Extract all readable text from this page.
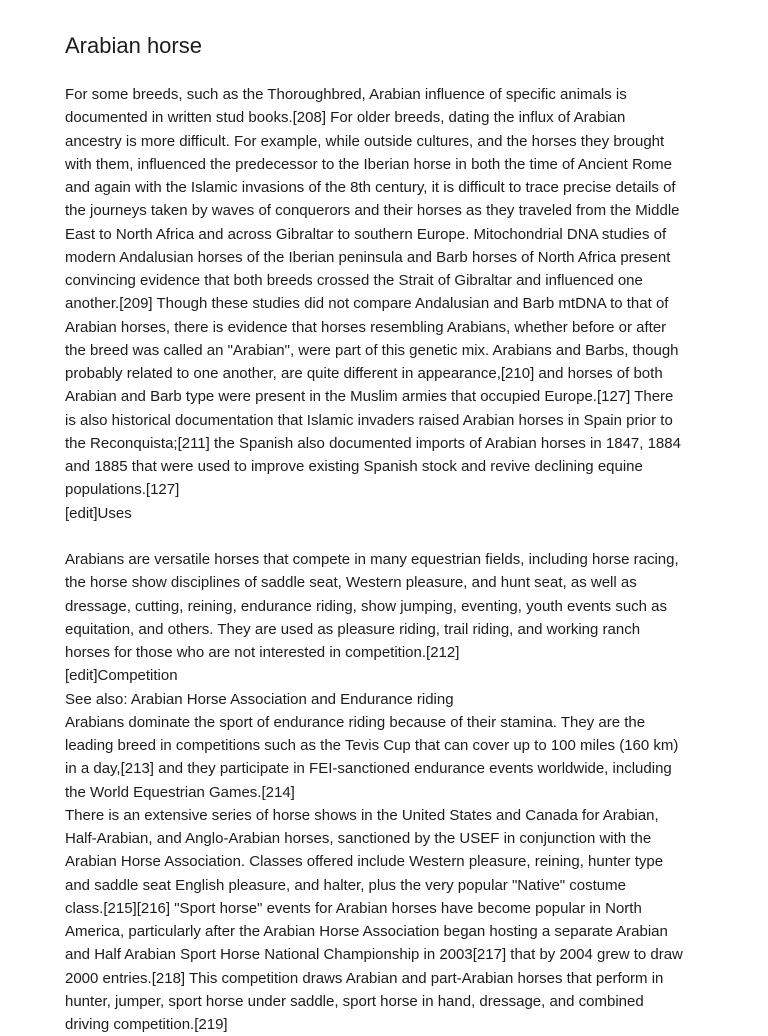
Arabian horse
For some breeds, such as the Thoroughbred, Arabian influence of specific animals is
documented in written stud books.[208] For older breeds, dating the influx of Arabian
ancestry is more difficult. For example, while outside cultures, and the horses they brought
with them, influenced the predecessor to the Iberian horse in both the time of Ancient Rome
and again with the Islamic invasions of the 8th century, it is difficult to trace precise details of
the journeys taken by waves of conquerors and their horses as they traveled from the Middle
East to North Africa and across Gibraltar to southern Europe. Mitochondrial DNA studies of
modern Andalusian horses of the Iberian peninsula and Barb horses of North Africa present
convincing evidence that both breeds crossed the Strait of Gibraltar and influenced one
another.[209] Though these studies did not compare Andalusian and Barb mtDNA to that of
Arabian horses, there is evidence that horses resembling Arabians, whether before or after
the breed was called an "Arabian", were part of this genetic mix. Arabians and Barbs, though
probably related to one another, are quite different in appearance,[210] and horses of both
Arabian and Barb type were present in the Muslim armies that occupied Europe.[127] There
is also historical documentation that Islamic invaders raised Arabian horses in Spain prior to
the Reconquista;[211] the Spanish also documented imports of Arabian horses in 1847, 1884
and 1885 that were used to improve existing Spanish stock and revive declining equine
populations.[127]
[edit]Uses
Arabians are versatile horses that compete in many equestrian fields, including horse racing,
the horse show disciplines of saddle seat, Western pleasure, and hunt seat, as well as
dressage, cutting, reining, endurance riding, show jumping, eventing, youth events such as
equitation, and others. They are used as pleasure riding, trail riding, and working ranch
horses for those who are not interested in competition.[212]
[edit]Competition
See also: Arabian Horse Association and Endurance riding
Arabians dominate the sport of endurance riding because of their stamina. They are the
leading breed in competitions such as the Tevis Cup that can cover up to 100 miles (160 km)
in a day,[213] and they participate in FEI-sanctioned endurance events worldwide, including
the World Equestrian Games.[214]
There is an extensive series of horse shows in the United States and Canada for Arabian,
Half-Arabian, and Anglo-Arabian horses, sanctioned by the USEF in conjunction with the
Arabian Horse Association. Classes offered include Western pleasure, reining, hunter type
and saddle seat English pleasure, and halter, plus the very popular "Native" costume
class.[215][216] "Sport horse" events for Arabian horses have become popular in North
America, particularly after the Arabian Horse Association began hosting a separate Arabian
and Half Arabian Sport Horse National Championship in 2003[217] that by 2004 grew to draw
2000 entries.[218] This competition draws Arabian and part-Arabian horses that perform in
hunter, jumper, sport horse under saddle, sport horse in hand, dressage, and combined
driving competition.[219]
